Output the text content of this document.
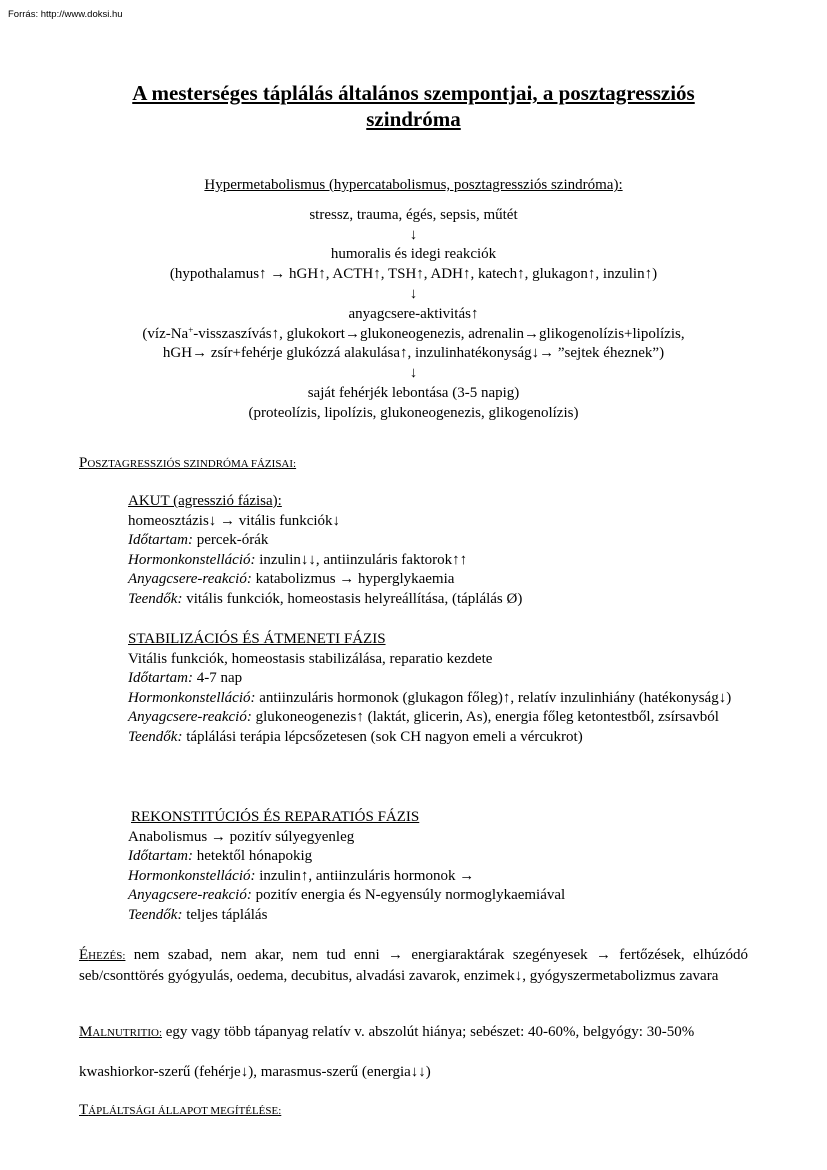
Forrás: http://www.doksi.hu
A mesterséges táplálás általános szempontjai, a posztagressziós
szindróma
Hypermetabolismus (hypercatabolismus, posztagressziós szindróma):
stressz, trauma, égés, sepsis, műtét
↓
humoralis és idegi reakciók
(hypothalamus↑ → hGH↑, ACTH↑, TSH↑, ADH↑, katech↑, glukagon↑, inzulin↑)
↓
anyagcsere-aktivitás↑
(víz-Na+-visszaszívás↑, glukokort→glukoneogenezis, adrenalin→glikogenolízis+lipolízis,
hGH→ zsír+fehérje glukózzá alakulása↑, inzulinhatékonyság↓→ ”sejtek éheznek”)
↓
saját fehérjék lebontása (3-5 napig)
(proteolízis, lipolízis, glukoneogenezis, glikogenolízis)
POSZTAGRESSZIÓS SZINDRÓMA FÁZISAI:
AKUT (agresszió fázisa):
homeosztázis↓ → vitális funkciók↓
Időtartam: percek-órák
Hormonkonstelláció: inzulin↓↓, antiinzuláris faktorok↑↑
Anyagcsere-reakció: katabolizmus → hyperglykaemia
Teendők: vitális funkciók, homeostasis helyreállítása, (táplálás Ø)
STABILIZÁCIÓS ÉS ÁTMENETI FÁZIS
Vitális funkciók, homeostasis stabilizálása, reparatio kezdete
Időtartam: 4-7 nap
Hormonkonstelláció: antiinzuláris hormonok (glukagon főleg)↑, relatív inzulinhiány (hatékonyság↓)
Anyagcsere-reakció: glukoneogenezis↑ (laktát, glicerin, As), energia főleg ketontestből, zsírsavból
Teendők: táplálási terápia lépcsőzetesen (sok CH nagyon emeli a vércukrot)
REKONSTITÚCIÓS ÉS REPARATIÓS FÁZIS
Anabolismus → pozitív súlyegyenleg
Időtartam: hetektől hónapokig
Hormonkonstelláció: inzulin↑, antiinzuláris hormonok →
Anyagcsere-reakció: pozitív energia és N-egyensúly normoglykaemiával
Teendők: teljes táplálás
ÉHEZÉS: nem szabad, nem akar, nem tud enni → energiaraktárak szegényesek → fertőzések, elhúzódó seb/csonttörés gyógyulás, oedema, decubitus, alvadási zavarok, enzimek↓, gyógyszermetabolizmus zavara
MALNUTRITIO: egy vagy több tápanyag relatív v. abszolút hiánya; sebészet: 40-60%, belgyógy: 30-50%
kwashiorkor-szerű (fehérje↓), marasmus-szerű (energia↓↓)
TÁPLÁLTSÁGI ÁLLAPOT MEGÍTÉLÉSE:
